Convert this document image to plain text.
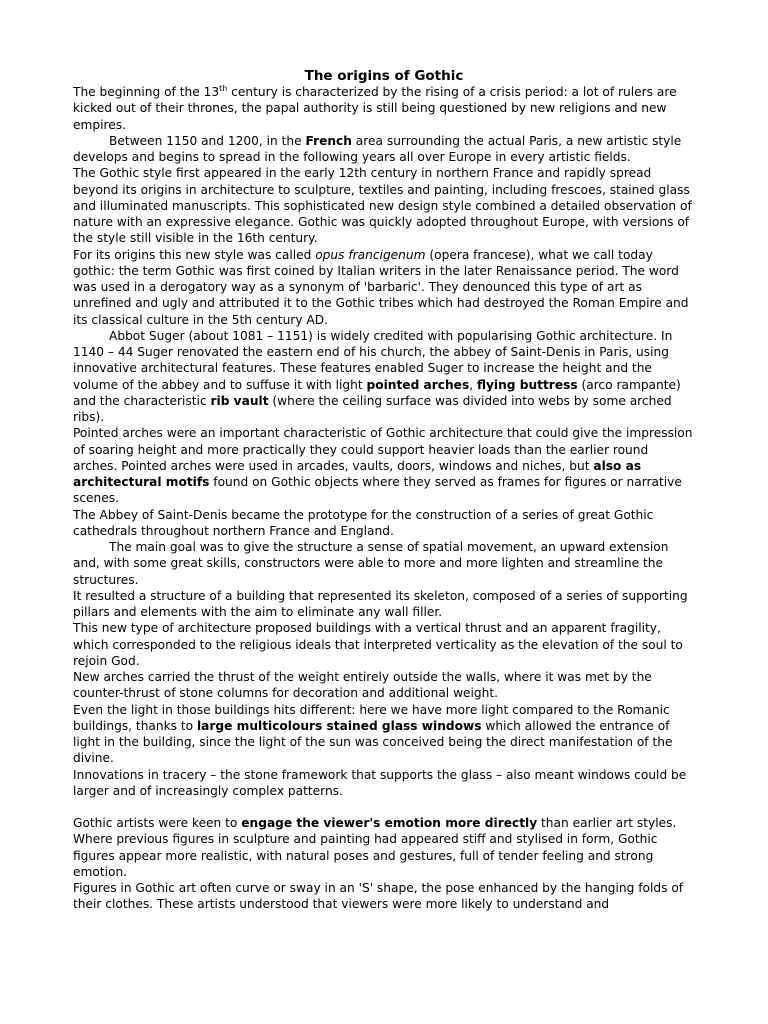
The origins of Gothic

The beginning of the 13th century is characterized by the rising of a crisis period: a lot of rulers are kicked out of their thrones, the papal authority is still being questioned by new religions and new empires.

Between 1150 and 1200, in the French area surrounding the actual Paris, a new artistic style develops and begins to spread in the following years all over Europe in every artistic fields.

The Gothic style first appeared in the early 12th century in northern France and rapidly spread beyond its origins in architecture to sculpture, textiles and painting, including frescoes, stained glass and illuminated manuscripts. This sophisticated new design style combined a detailed observation of nature with an expressive elegance. Gothic was quickly adopted throughout Europe, with versions of the style still visible in the 16th century.

For its origins this new style was called opus francigenum (opera francese), what we call today gothic: the term Gothic was first coined by Italian writers in the later Renaissance period. The word was used in a derogatory way as a synonym of 'barbaric'. They denounced this type of art as unrefined and ugly and attributed it to the Gothic tribes which had destroyed the Roman Empire and its classical culture in the 5th century AD.

Abbot Suger (about 1081 – 1151) is widely credited with popularising Gothic architecture. In 1140 – 44 Suger renovated the eastern end of his church, the abbey of Saint-Denis in Paris, using innovative architectural features. These features enabled Suger to increase the height and the volume of the abbey and to suffuse it with light pointed arches, flying buttress (arco rampante) and the characteristic rib vault (where the ceiling surface was divided into webs by some arched ribs).

Pointed arches were an important characteristic of Gothic architecture that could give the impression of soaring height and more practically they could support heavier loads than the earlier round arches. Pointed arches were used in arcades, vaults, doors, windows and niches, but also as architectural motifs found on Gothic objects where they served as frames for figures or narrative scenes.

The Abbey of Saint-Denis became the prototype for the construction of a series of great Gothic cathedrals throughout northern France and England.

The main goal was to give the structure a sense of spatial movement, an upward extension and, with some great skills, constructors were able to more and more lighten and streamline the structures.

It resulted a structure of a building that represented its skeleton, composed of a series of supporting pillars and elements with the aim to eliminate any wall filler.

This new type of architecture proposed buildings with a vertical thrust and an apparent fragility, which corresponded to the religious ideals that interpreted verticality as the elevation of the soul to rejoin God.

New arches carried the thrust of the weight entirely outside the walls, where it was met by the counter-thrust of stone columns for decoration and additional weight.

Even the light in those buildings hits different: here we have more light compared to the Romanic buildings, thanks to large multicolours stained glass windows which allowed the entrance of light in the building, since the light of the sun was conceived being the direct manifestation of the divine.

Innovations in tracery – the stone framework that supports the glass – also meant windows could be larger and of increasingly complex patterns.

Gothic artists were keen to engage the viewer's emotion more directly than earlier art styles.

Where previous figures in sculpture and painting had appeared stiff and stylised in form, Gothic figures appear more realistic, with natural poses and gestures, full of tender feeling and strong emotion.

Figures in Gothic art often curve or sway in an 'S' shape, the pose enhanced by the hanging folds of their clothes. These artists understood that viewers were more likely to understand and
